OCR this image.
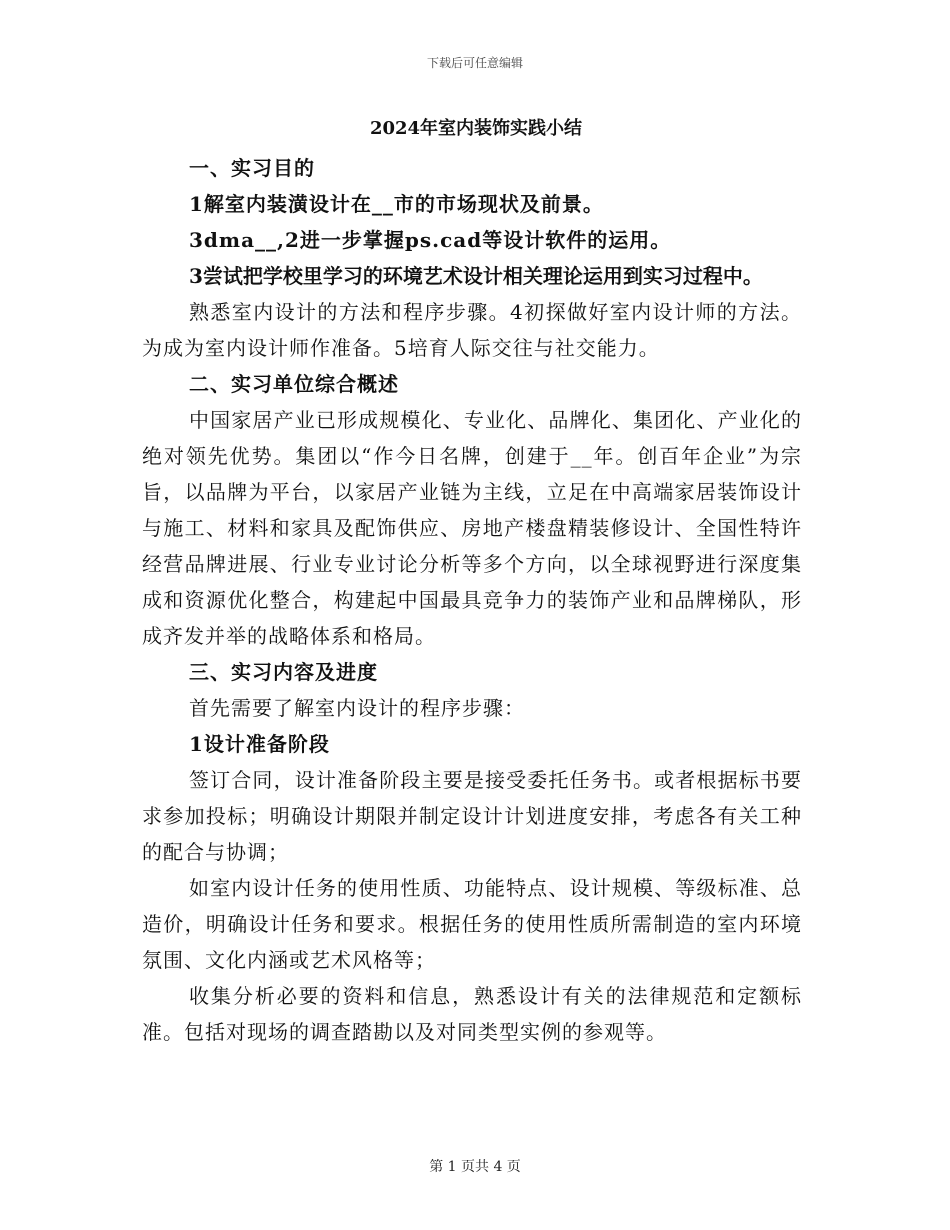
下载后可任意编辑
2024年室内装饰实践小结
一、实习目的
1解室内装潢设计在__市的市场现状及前景。
3dma__,2进一步掌握ps.cad等设计软件的运用。
3尝试把学校里学习的环境艺术设计相关理论运用到实习过程中。
熟悉室内设计的方法和程序步骤。4初探做好室内设计师的方法。为成为室内设计师作准备。5培育人际交往与社交能力。
二、实习单位综合概述
中国家居产业已形成规模化、专业化、品牌化、集团化、产业化的绝对领先优势。集团以“作今日名牌，创建于__年。创百年企业”为宗旨，以品牌为平台，以家居产业链为主线，立足在中高端家居装饰设计与施工、材料和家具及配饰供应、房地产楼盘精装修设计、全国性特许经营品牌进展、行业专业讨论分析等多个方向，以全球视野进行深度集成和资源优化整合，构建起中国最具竞争力的装饰产业和品牌梯队，形成齐发并举的战略体系和格局。
三、实习内容及进度
首先需要了解室内设计的程序步骤：
1设计准备阶段
签订合同，设计准备阶段主要是接受委托任务书。或者根据标书要求参加投标；明确设计期限并制定设计计划进度安排，考虑各有关工种的配合与协调；
如室内设计任务的使用性质、功能特点、设计规模、等级标准、总造价，明确设计任务和要求。根据任务的使用性质所需制造的室内环境氛围、文化内涵或艺术风格等；
收集分析必要的资料和信息，熟悉设计有关的法律规范和定额标准。包括对现场的调查踏勘以及对同类型实例的参观等。
第 1 页共 4 页
